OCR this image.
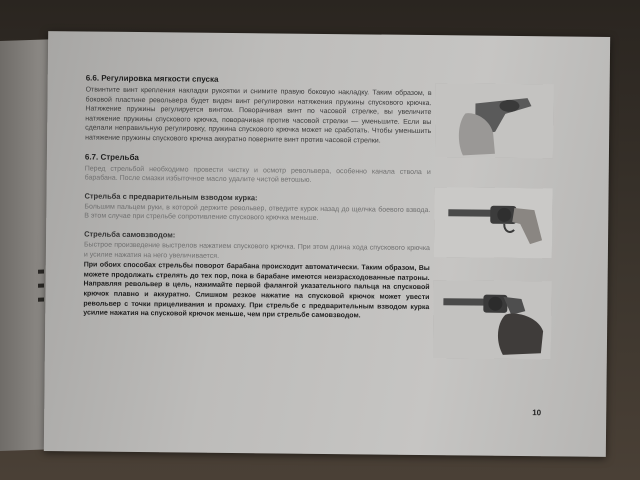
6.6. Регулировка мягкости спуска

Отвинтите винт крепления накладки рукоятки и снимите правую боковую накладку. Таким образом, в боковой пластине револьвера будет виден винт регулировки натяжения пружины спускового крючка. Натяжение пружины регулируется винтом. Поворачивая винт по часовой стрелке, вы увеличите натяжение пружины спускового крючка, поворачивая против часовой стрелки — уменьшите. Если вы сделали неправильную регулировку, пружина спускового крючка может не сработать. Чтобы уменьшить натяжение пружины спускового крючка аккуратно поверните винт против часовой стрелки.

6.7. Стрельба

Перед стрельбой необходимо провести чистку и осмотр револьвера, особенно канала ствола и барабана. После смазки избыточное масло удалите чистой ветошью.

Стрельба с предварительным взводом курка:

Большим пальцем руки, в которой держите револьвер, отведите курок назад до щелчка боевого взвода. В этом случае при стрельбе сопротивление спускового крючка меньше.

Стрельба самовзводом:

Быстрое произведение выстрелов нажатием спускового крючка. При этом длина хода спускового крючка и усилие нажатия на него увеличивается.

При обоих способах стрельбы поворот барабана происходит автоматически. Таким образом, Вы можете продолжать стрелять до тех пор, пока в барабане имеются неизрасходованные патроны. Направляя револьвер в цель, нажимайте первой фалангой указательного пальца на спусковой крючок плавно и аккуратно. Слишком резкое нажатие на спусковой крючок может увести револьвер с точки прицеливания и промаху. При стрельбе с предварительным взводом курка усилие нажатия на спусковой крючок меньше, чем при стрельбе самовзводом.

10
